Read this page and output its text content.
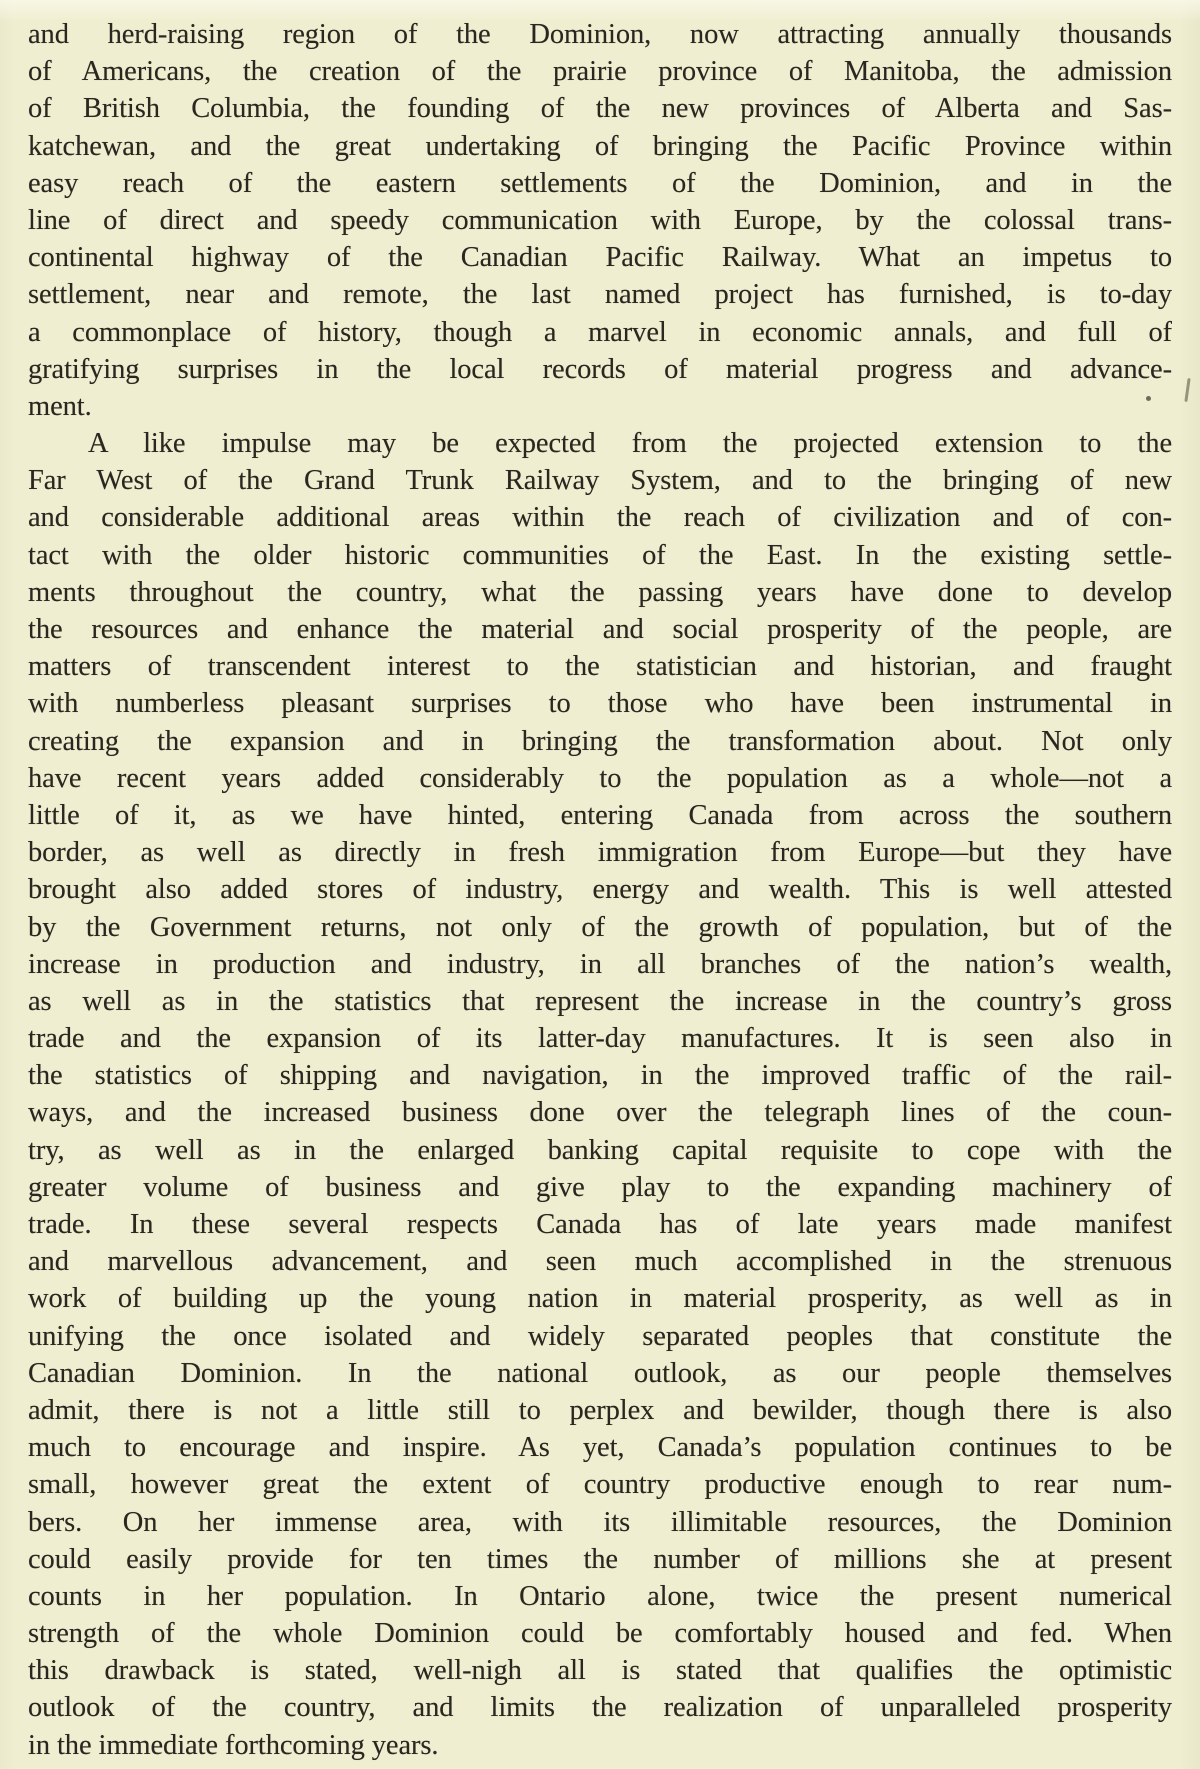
and herd-raising region of the Dominion, now attracting annually thousands
of Americans, the creation of the prairie province of Manitoba, the admission
of British Columbia, the founding of the new provinces of Alberta and Sas-
katchewan, and the great undertaking of bringing the Pacific Province within
easy reach of the eastern settlements of the Dominion, and in the
line of direct and speedy communication with Europe, by the colossal trans-
continental highway of the Canadian Pacific Railway. What an impetus to
settlement, near and remote, the last named project has furnished, is to-day
a commonplace of history, though a marvel in economic annals, and full of
gratifying surprises in the local records of material progress and advance-
ment.
A like impulse may be expected from the projected extension to the
Far West of the Grand Trunk Railway System, and to the bringing of new
and considerable additional areas within the reach of civilization and of con-
tact with the older historic communities of the East. In the existing settle-
ments throughout the country, what the passing years have done to develop
the resources and enhance the material and social prosperity of the people, are
matters of transcendent interest to the statistician and historian, and fraught
with numberless pleasant surprises to those who have been instrumental in
creating the expansion and in bringing the transformation about. Not only
have recent years added considerably to the population as a whole—not a
little of it, as we have hinted, entering Canada from across the southern
border, as well as directly in fresh immigration from Europe—but they have
brought also added stores of industry, energy and wealth. This is well attested
by the Government returns, not only of the growth of population, but of the
increase in production and industry, in all branches of the nation’s wealth,
as well as in the statistics that represent the increase in the country’s gross
trade and the expansion of its latter-day manufactures. It is seen also in
the statistics of shipping and navigation, in the improved traffic of the rail-
ways, and the increased business done over the telegraph lines of the coun-
try, as well as in the enlarged banking capital requisite to cope with the
greater volume of business and give play to the expanding machinery of
trade. In these several respects Canada has of late years made manifest
and marvellous advancement, and seen much accomplished in the strenuous
work of building up the young nation in material prosperity, as well as in
unifying the once isolated and widely separated peoples that constitute the
Canadian Dominion. In the national outlook, as our people themselves
admit, there is not a little still to perplex and bewilder, though there is also
much to encourage and inspire. As yet, Canada’s population continues to be
small, however great the extent of country productive enough to rear num-
bers. On her immense area, with its illimitable resources, the Dominion
could easily provide for ten times the number of millions she at present
counts in her population. In Ontario alone, twice the present numerical
strength of the whole Dominion could be comfortably housed and fed. When
this drawback is stated, well-nigh all is stated that qualifies the optimistic
outlook of the country, and limits the realization of unparalleled prosperity
in the immediate forthcoming years.
